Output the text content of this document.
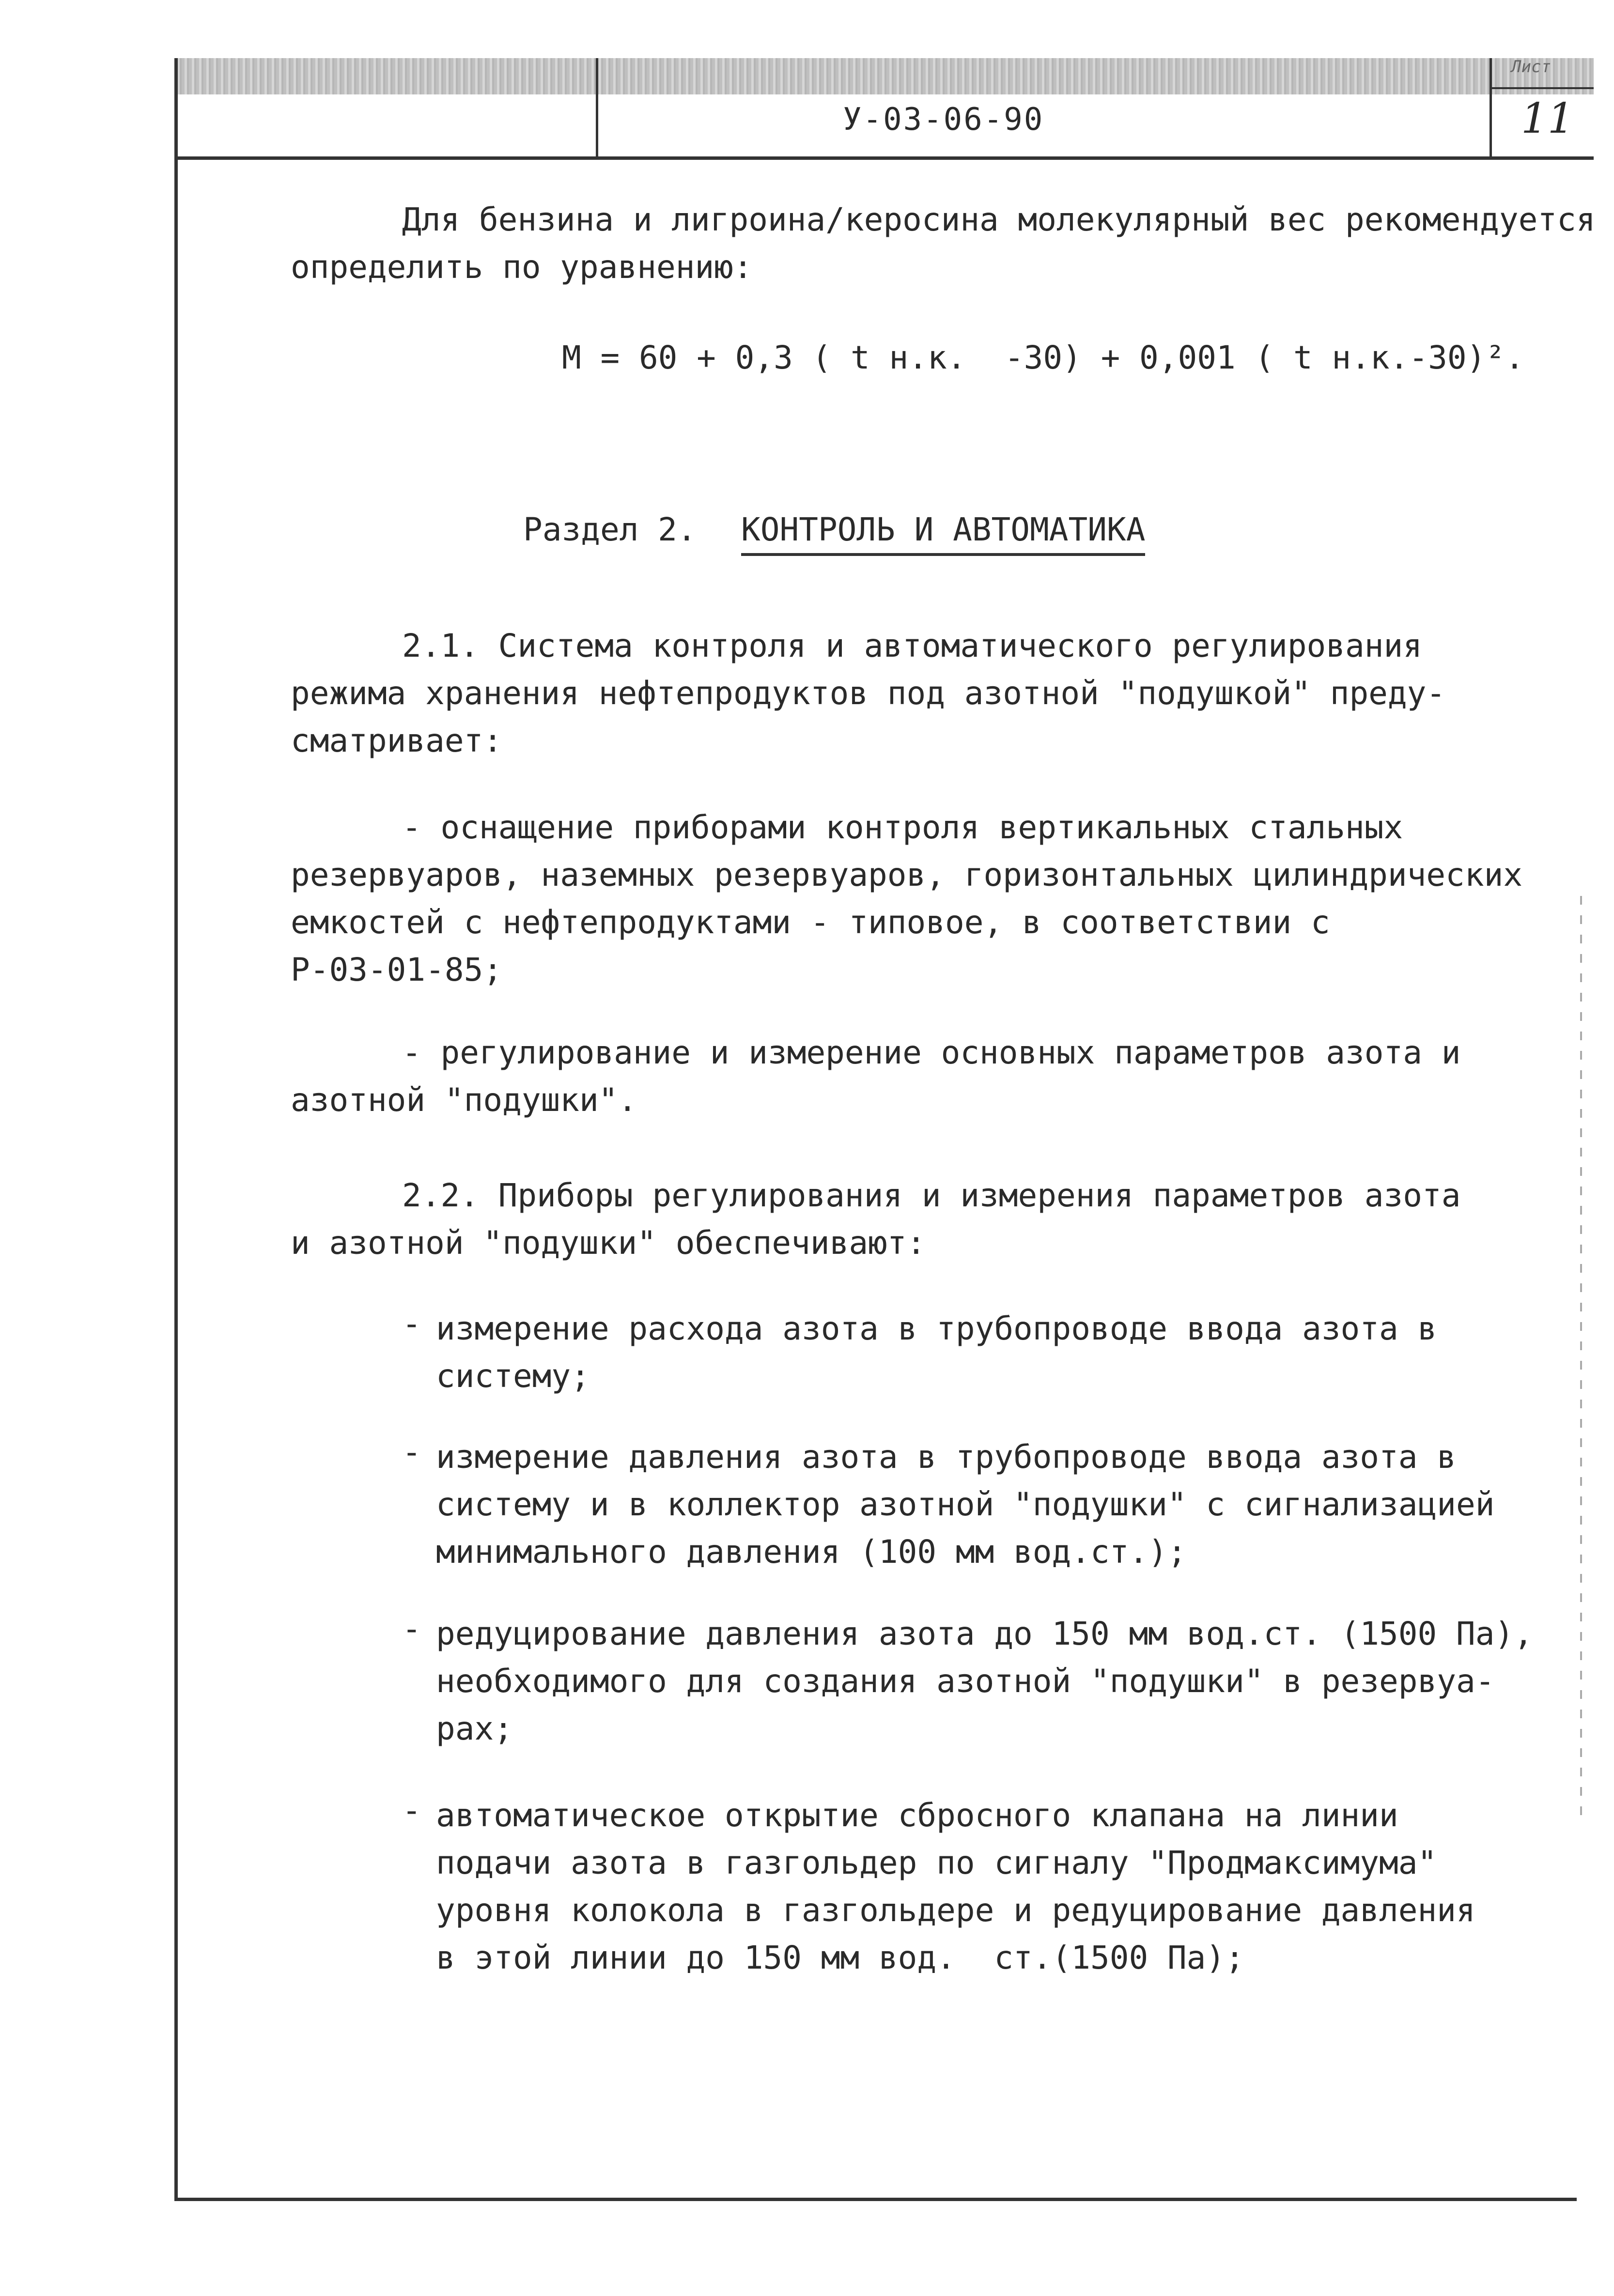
У-03-06-90
Лист
11
Для бензина и лигроина/керосина молекулярный вес рекомендуется
определить по уравнению:
М = 60 + 0,3 ( t н.к.  -30) + 0,001 ( t н.к.-30)².
Раздел 2. КОНТРОЛЬ И АВТОМАТИКА
2.1. Система контроля и автоматического регулирования
режима хранения нефтепродуктов под азотной "подушкой" преду-
сматривает:
- оснащение приборами контроля вертикальных стальных
резервуаров, наземных резервуаров, горизонтальных цилиндрических
емкостей с нефтепродуктами - типовое, в соответствии с
Р-03-01-85;
- регулирование и измерение основных параметров азота и
азотной "подушки".
2.2. Приборы регулирования и измерения параметров азота
и азотной "подушки" обеспечивают:
- измерение расхода азота в трубопроводе ввода азота в
систему;
- измерение давления азота в трубопроводе ввода азота в
систему и в коллектор азотной "подушки" с сигнализацией
минимального давления (100 мм вод.ст.);
- редуцирование давления азота до 150 мм вод.ст. (1500 Па),
необходимого для создания азотной "подушки" в резервуа-
рах;
- автоматическое открытие сбросного клапана на линии
подачи азота в газгольдер по сигналу "Продмаксимума"
уровня колокола в газгольдере и редуцирование давления
в этой линии до 150 мм вод.  ст.(1500 Па);
